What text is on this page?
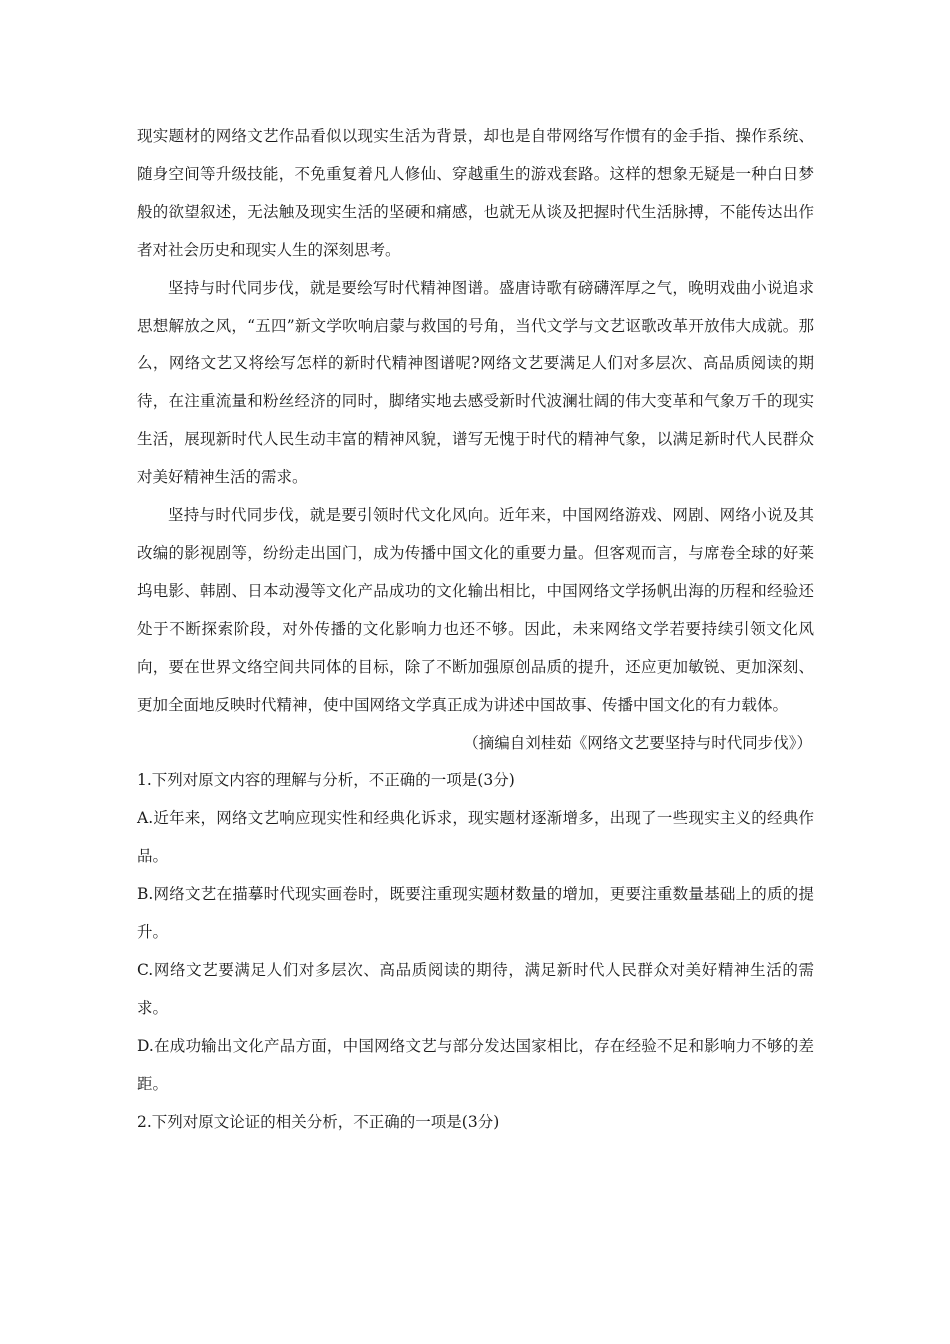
现实题材的网络文艺作品看似以现实生活为背景，却也是自带网络写作惯有的金手指、操作系统、随身空间等升级技能，不免重复着凡人修仙、穿越重生的游戏套路。这样的想象无疑是一种白日梦般的欲望叙述，无法触及现实生活的坚硬和痛感，也就无从谈及把握时代生活脉搏，不能传达出作者对社会历史和现实人生的深刻思考。

坚持与时代同步伐，就是要绘写时代精神图谱。盛唐诗歌有磅礴浑厚之气，晚明戏曲小说追求思想解放之风，“五四”新文学吹响启蒙与救国的号角，当代文学与文艺讴歌改革开放伟大成就。那么，网络文艺又将绘写怎样的新时代精神图谱呢?网络文艺要满足人们对多层次、高品质阅读的期待，在注重流量和粉丝经济的同时，脚绪实地去感受新时代波澜壮阔的伟大变革和气象万千的现实生活，展现新时代人民生动丰富的精神风貌，谱写无愧于时代的精神气象，以满足新时代人民群众对美好精神生活的需求。

坚持与时代同步伐，就是要引领时代文化风向。近年来，中国网络游戏、网剧、网络小说及其改编的影视剧等，纷纷走出国门，成为传播中国文化的重要力量。但客观而言，与席卷全球的好莱坞电影、韩剧、日本动漫等文化产品成功的文化输出相比，中国网络文学扬帆出海的历程和经验还处于不断探索阶段，对外传播的文化影响力也还不够。因此，未来网络文学若要持续引领文化风向，要在世界文络空间共同体的目标，除了不断加强原创品质的提升，还应更加敏锐、更加深刻、更加全面地反映时代精神，使中国网络文学真正成为讲述中国故事、传播中国文化的有力载体。

（摘编自刘桂茹《网络文艺要坚持与时代同步伐》）

1.下列对原文内容的理解与分析，不正确的一项是(3分)

A.近年来，网络文艺响应现实性和经典化诉求，现实题材逐渐增多，出现了一些现实主义的经典作品。

B.网络文艺在描摹时代现实画卷时，既要注重现实题材数量的增加，更要注重数量基础上的质的提升。

C.网络文艺要满足人们对多层次、高品质阅读的期待，满足新时代人民群众对美好精神生活的需求。

D.在成功输出文化产品方面，中国网络文艺与部分发达国家相比，存在经验不足和影响力不够的差距。

2.下列对原文论证的相关分析，不正确的一项是(3分)
